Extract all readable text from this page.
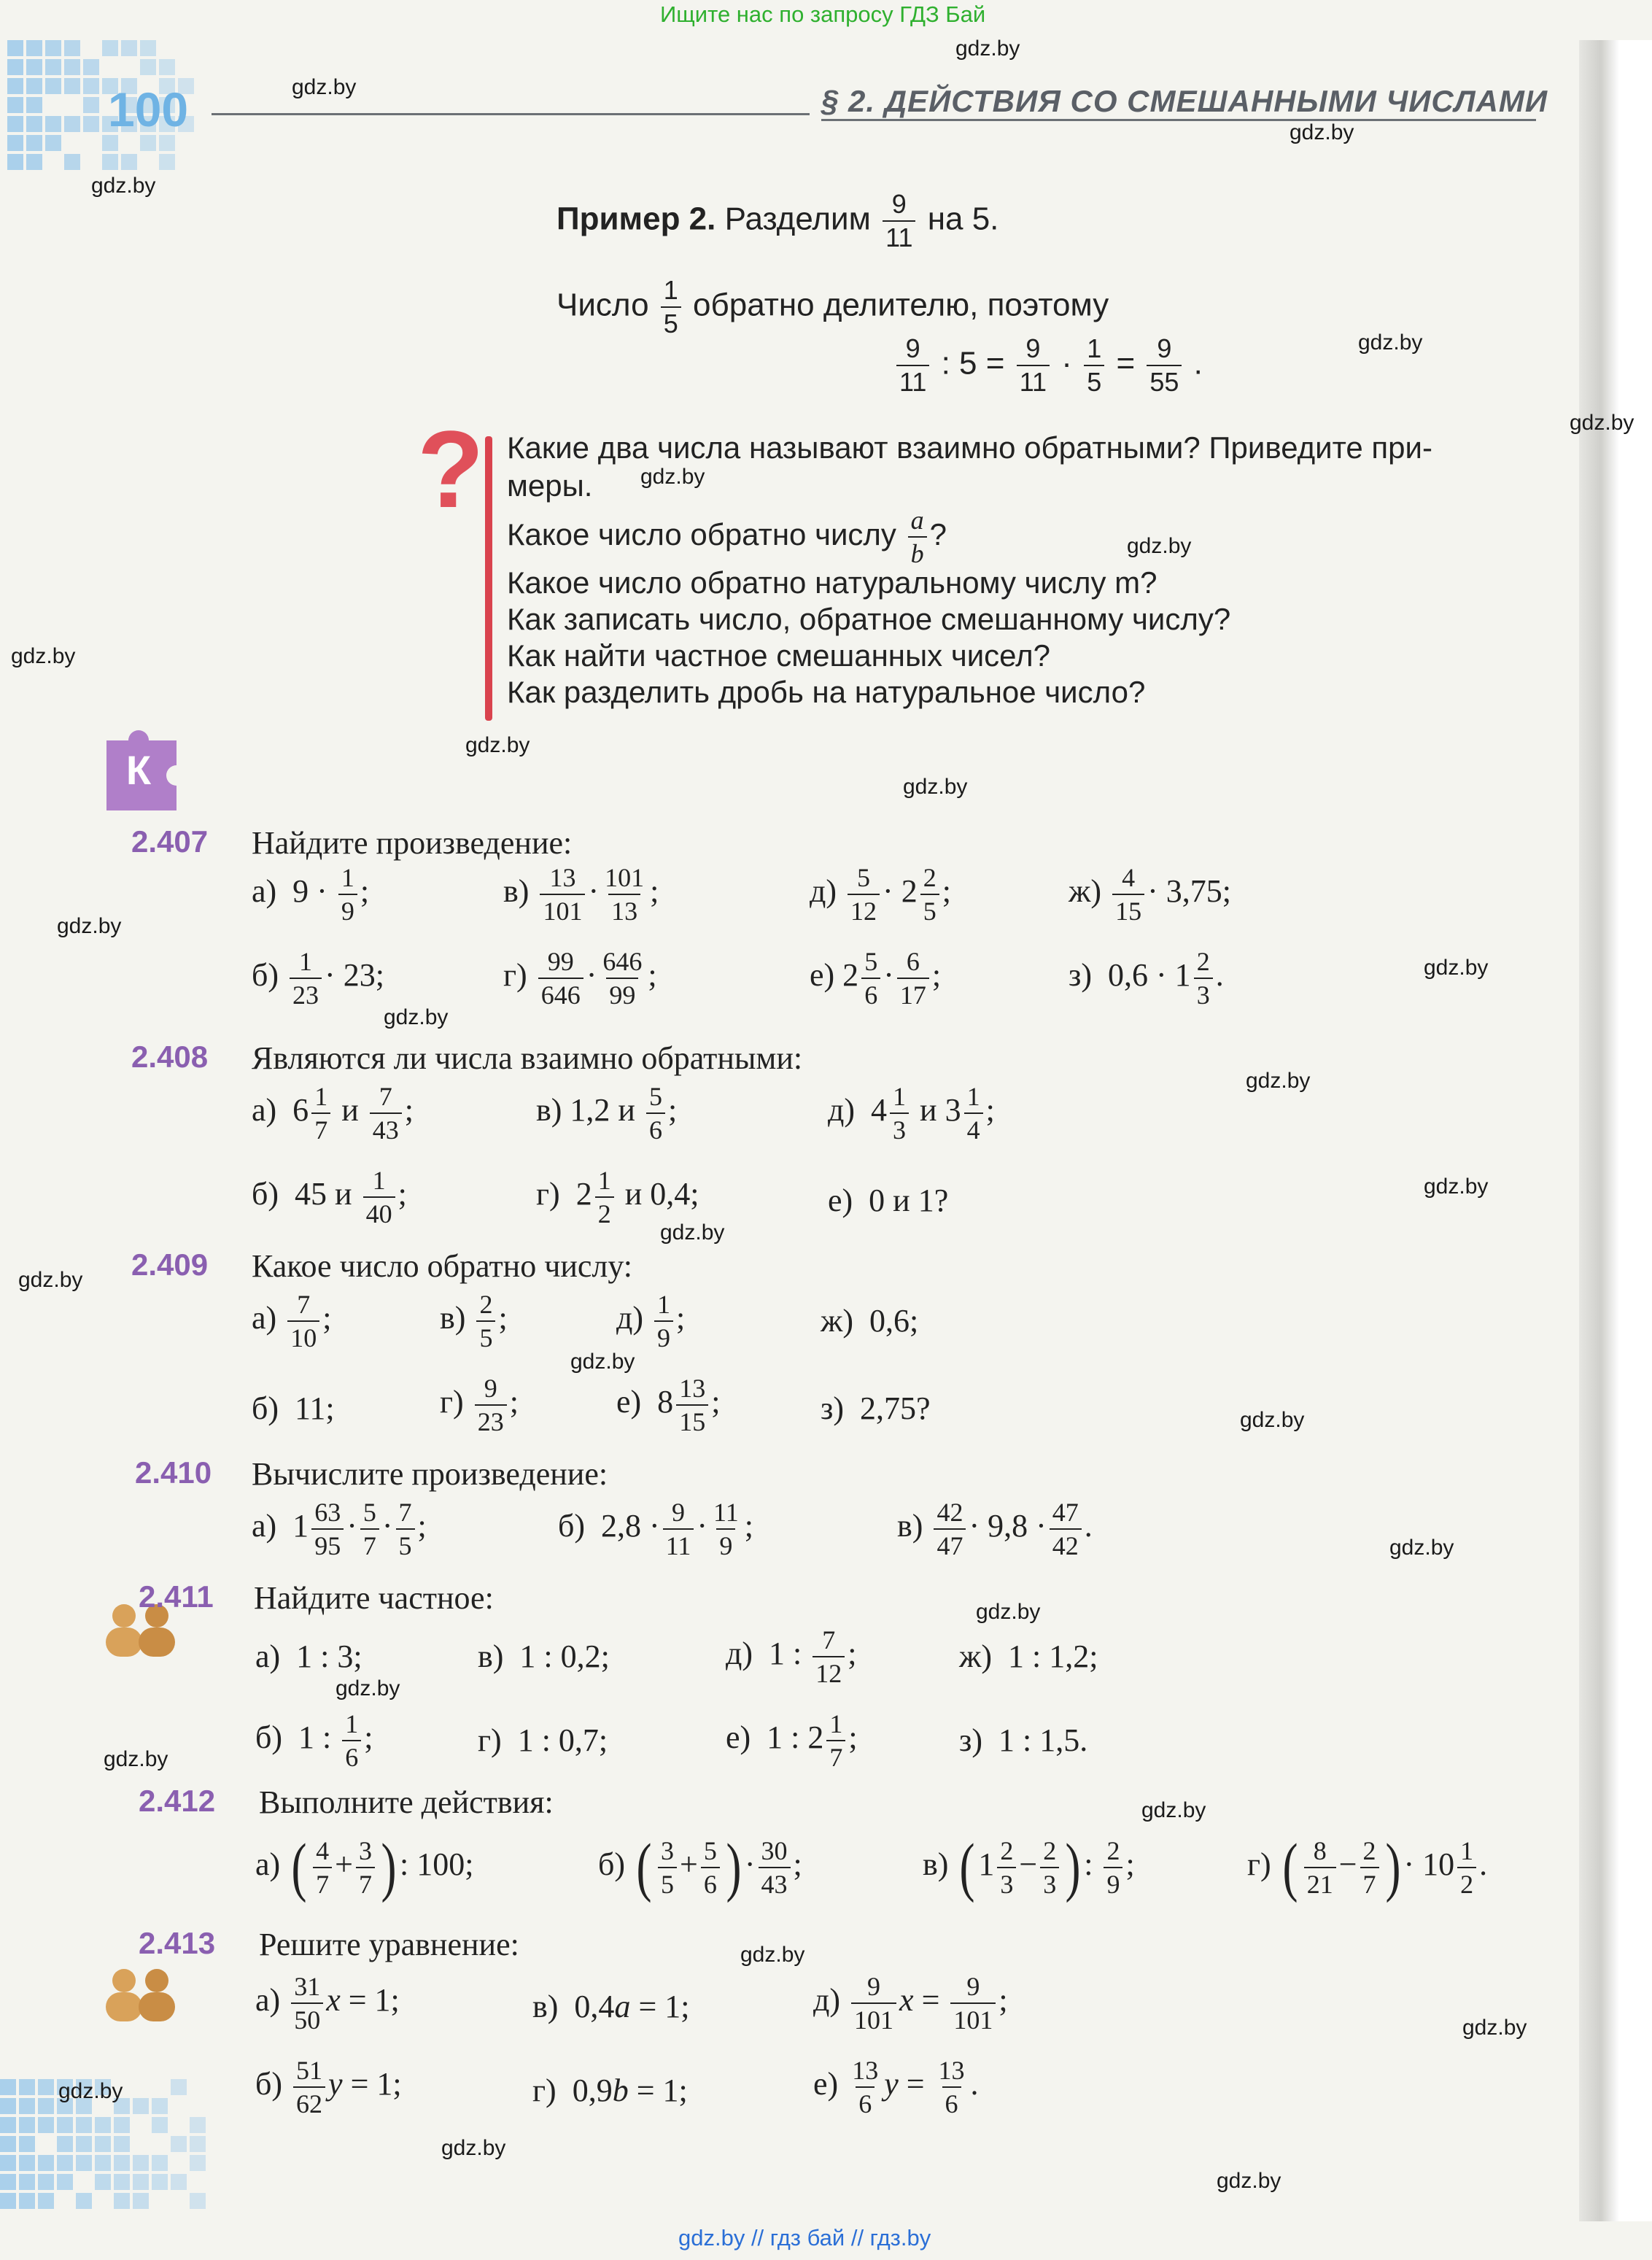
Ищите нас по запросу ГДЗ Бай
gdz.by // гдз бай // гдз.by
100	§ 2. ДЕЙСТВИЯ СО СМЕШАННЫМИ ЧИСЛАМИ
Пример 2. Разделим $\frac{9}{11}$ на 5.
Число $\frac{1}{5}$ обратно делителю, поэтому
$\frac{9}{11}$ : $5 = \frac{9}{11} \cdot \frac{1}{5} = \frac{9}{55}$ .
? Какие два числа называют взаимно обратными? Приведите при-
меры.
Какое число обратно числу $\frac{a}{b}$ ?
Какое число обратно натуральному числу m?
Как записать число, обратное смешанному числу?
Как найти частное смешанных чисел?
Как разделить дробь на натуральное число?
К
2.407 Найдите произведение:
а)  $9 \cdot \frac{1}{9}$ ;	$в) \frac{13}{101} \cdot \frac{101}{13}$ ;	$д) \frac{5}{12} \cdot 2 \frac{2}{5}$ ;	$ж) \frac{4}{15} \cdot 3,75$;
$б) \frac{1}{23} \cdot 23$;	$г) \frac{99}{646} \cdot \frac{646}{99}$ ;	е) $2 \frac{5}{6} \cdot \frac{6}{17}$ ;	з)  $0,6 \cdot 1 \frac{2}{3}$ .
2.408 Являются ли числа взаимно обратными:
а)  $6 \frac{1}{7}$ и $\frac{7}{43}$ ;	в) 1,2 и $\frac{5}{6}$ ;	д)  $4 \frac{1}{3}$ и $3 \frac{1}{4}$ ;
б)  45 и $\frac{1}{40}$ ;	г)  $2 \frac{1}{2}$ и 0,4;	е)  0 и 1?
2.409 Какое число обратно числу:
$а) \frac{7}{10}$ ;	$в) \frac{2}{5}$ ;	$д) \frac{1}{9}$ ;	ж)  0,6;
б)  11;	$г) \frac{9}{23}$ ;	е)  $8 \frac{13}{15}$ ;	з)  2,75?
2.410 Вычислите произведение:
а)  $1 \frac{63}{95} \cdot \frac{5}{7} \cdot \frac{7}{5}$ ;	б)  $2,8 \cdot \frac{9}{11} \cdot \frac{11}{9}$ ;	$в) \frac{42}{47} \cdot 9,8 \cdot \frac{47}{42}$ .
2.411 Найдите частное:
а)  1 : 3;	в)  1 : 0,2;	д)  1 : $\frac{7}{12}$ ;	ж)  1 : 1,2;
б)  1 : $\frac{1}{6}$ ;	г)  1 : 0,7;	е)  1 : $2 \frac{1}{7}$ ;	з)  1 : 1,5.
2.412 Выполните действия:
а) ( $\frac{4}{7} + \frac{3}{7}$ ) : 100;	б) ( $\frac{3}{5} + \frac{5}{6}$ ) · $\frac{30}{43}$ ;	в) ( $1 \frac{2}{3} - \frac{2}{3}$ ) : $\frac{2}{9}$ ;	г) ( $\frac{8}{21} - \frac{2}{7}$ ) · $10 \frac{1}{2}$ .
2.413 Решите уравнение:
$а) \frac{31}{50}$ x = 1;	в)  0,4a = 1;	$д) \frac{9}{101}$ $x = \frac{9}{101}$ ;
$б) \frac{51}{62}$ y = 1;	г)  0,9b = 1;	$е) \frac{13}{6}$ $y = \frac{13}{6}$ .
gdz.by
gdz.by
gdz.by
gdz.by
gdz.by
gdz.by
gdz.by
gdz.by
gdz.by
gdz.by
gdz.by
gdz.by
gdz.by
gdz.by
gdz.by
gdz.by
gdz.by
gdz.by
gdz.by
gdz.by
gdz.by
gdz.by
gdz.by
gdz.by
gdz.by
gdz.by
gdz.by
gdz.by
gdz.by
gdz.by
